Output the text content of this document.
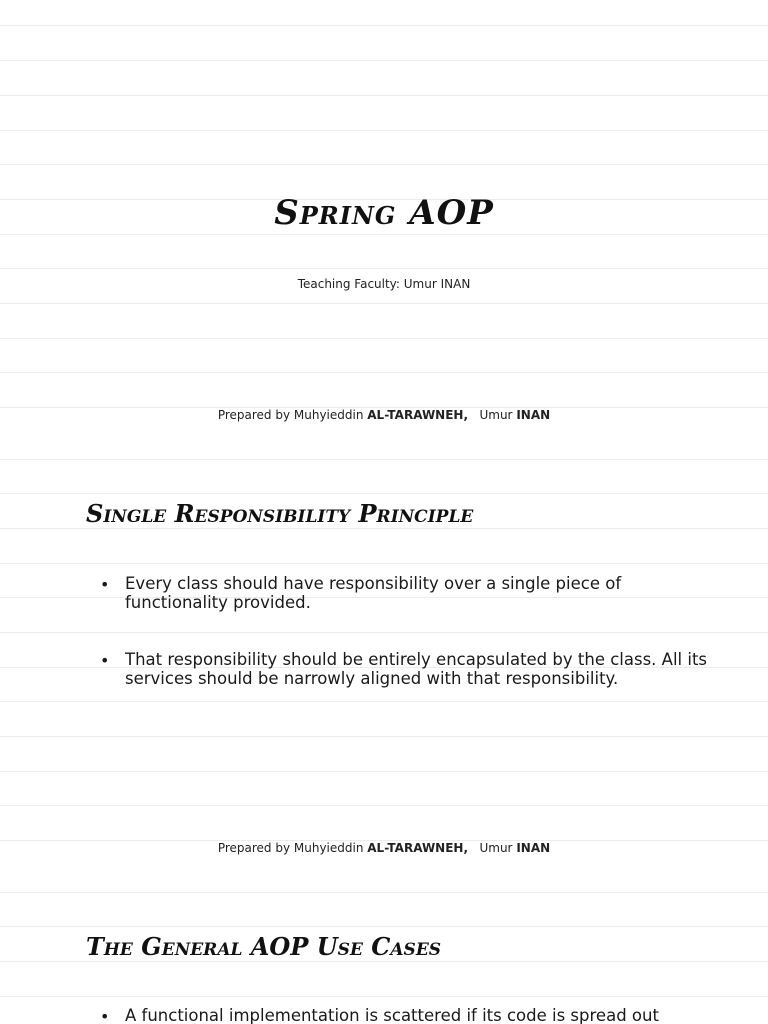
Spring AOP

Teaching Faculty: Umur INAN

Prepared by Muhyieddin AL-TARAWNEH,   Umur INAN

Single Responsibility Principle
• Every class should have responsibility over a single piece of functionality provided.
• That responsibility should be entirely encapsulated by the class. All its services should be narrowly aligned with that responsibility.

Prepared by Muhyieddin AL-TARAWNEH,   Umur INAN

The General AOP Use Cases
• A functional implementation is scattered if its code is spread out
